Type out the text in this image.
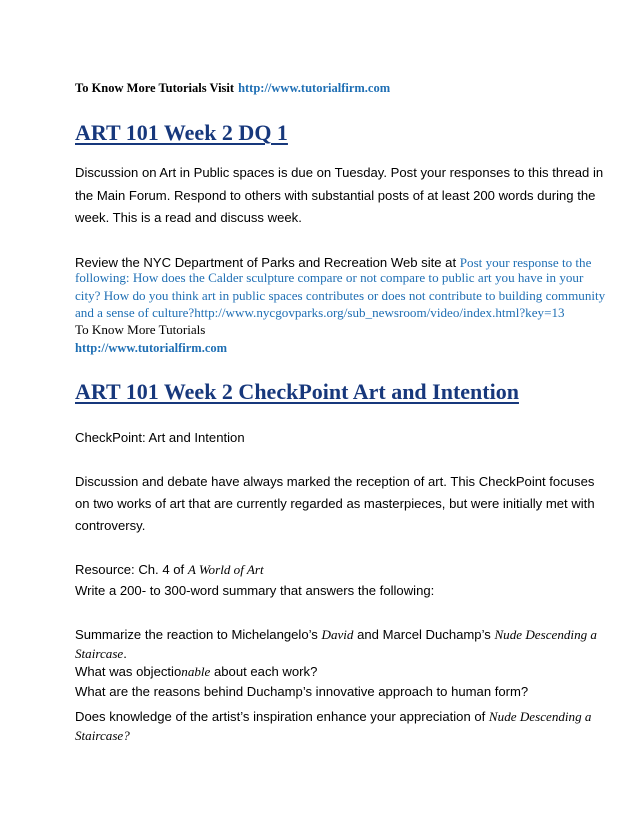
To Know More Tutorials Visit http://www.tutorialfirm.com
ART 101 Week 2 DQ 1
Discussion on Art in Public spaces is due on Tuesday. Post your responses to this thread in
the Main Forum. Respond to others with substantial posts of at least 200 words during the
week. This is a read and discuss week.
Review the NYC Department of Parks and Recreation Web site at Post your response to the
following: How does the Calder sculpture compare or not compare to public art you have in your
city? How do you think art in public spaces contributes or does not contribute to building community
and a sense of culture?http://www.nycgovparks.org/sub_newsroom/video/index.html?key=13
To Know More Tutorials
http://www.tutorialfirm.com
ART 101 Week 2 CheckPoint Art and Intention
CheckPoint: Art and Intention
Discussion and debate have always marked the reception of art. This CheckPoint focuses
on two works of art that are currently regarded as masterpieces, but were initially met with
controversy.
Resource: Ch. 4 of A World of Art
Write a 200- to 300-word summary that answers the following:
Summarize the reaction to Michelangelo’s David and Marcel Duchamp’s Nude Descending a
Staircase.
What was objectionable about each work?
What are the reasons behind Duchamp’s innovative approach to human form?
Does knowledge of the artist’s inspiration enhance your appreciation of Nude Descending a
Staircase?
